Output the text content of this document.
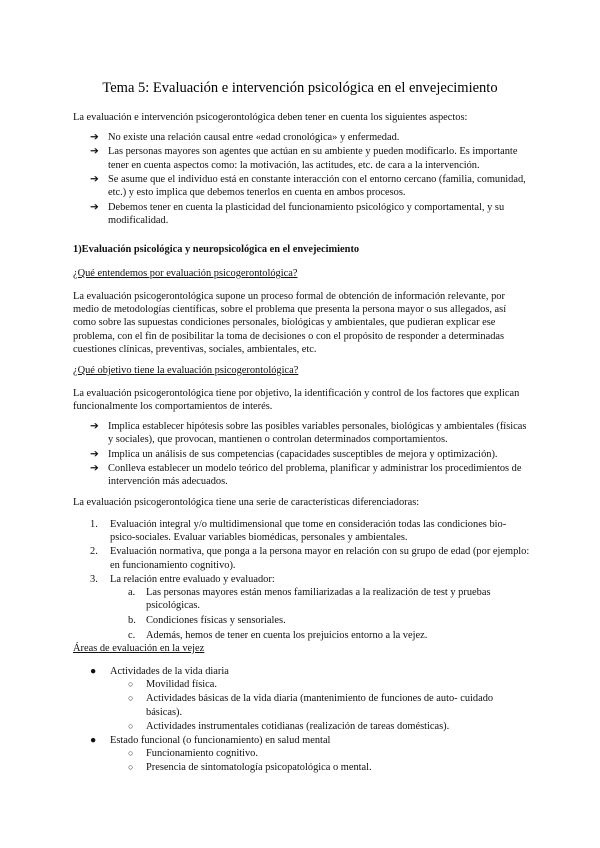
Tema 5: Evaluación e intervención psicológica en el envejecimiento

La evaluación e intervención psicogerontológica deben tener en cuenta los siguientes aspectos:

➔ No existe una relación causal entre «edad cronológica» y enfermedad.
➔ Las personas mayores son agentes que actúan en su ambiente y pueden modificarlo. Es importante tener en cuenta aspectos como: la motivación, las actitudes, etc. de cara a la intervención.
➔ Se asume que el individuo está en constante interacción con el entorno cercano (familia, comunidad, etc.) y esto implica que debemos tenerlos en cuenta en ambos procesos.
➔ Debemos tener en cuenta la plasticidad del funcionamiento psicológico y comportamental, y su modificalidad.

1)Evaluación psicológica y neuropsicológica en el envejecimiento

¿Qué entendemos por evaluación psicogerontológica?

La evaluación psicogerontológica supone un proceso formal de obtención de información relevante, por medio de metodologías científicas, sobre el problema que presenta la persona mayor o sus allegados, así como sobre las supuestas condiciones personales, biológicas y ambientales, que pudieran explicar ese problema, con el fin de posibilitar la toma de decisiones o con el propósito de responder a determinadas cuestiones clínicas, preventivas, sociales, ambientales, etc.

¿Qué objetivo tiene la evaluación psicogerontológica?

La evaluación psicogerontológica tiene por objetivo, la identificación y control de los factores que explican funcionalmente los comportamientos de interés.

➔ Implica establecer hipótesis sobre las posibles variables personales, biológicas y ambientales (físicas y sociales), que provocan, mantienen o controlan determinados comportamientos.
➔ Implica un análisis de sus competencias (capacidades susceptibles de mejora y optimización).
➔ Conlleva establecer un modelo teórico del problema, planificar y administrar los procedimientos de intervención más adecuados.

La evaluación psicogerontológica tiene una serie de características diferenciadoras:

1. Evaluación integral y/o multidimensional que tome en consideración todas las condiciones bio-psico-sociales. Evaluar variables biomédicas, personales y ambientales.
2. Evaluación normativa, que ponga a la persona mayor en relación con su grupo de edad (por ejemplo: en funcionamiento cognitivo).
3. La relación entre evaluado y evaluador:
a. Las personas mayores están menos familiarizadas a la realización de test y pruebas psicológicas.
b. Condiciones físicas y sensoriales.
c. Además, hemos de tener en cuenta los prejuicios entorno a la vejez.

Áreas de evaluación en la vejez

● Actividades de la vida diaria
○ Movilidad física.
○ Actividades básicas de la vida diaria (mantenimiento de funciones de auto- cuidado básicas).
○ Actividades instrumentales cotidianas (realización de tareas domésticas).
● Estado funcional (o funcionamiento) en salud mental
○ Funcionamiento cognitivo.
○ Presencia de sintomatología psicopatológica o mental.
